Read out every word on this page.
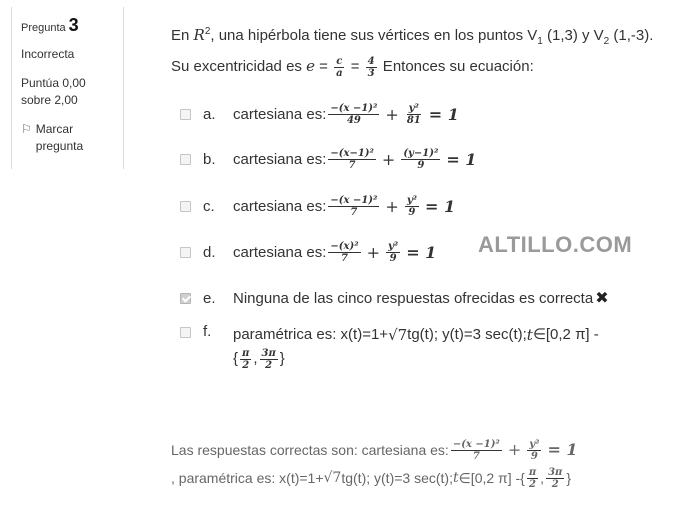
Pregunta 3
Incorrecta
Puntúa 0,00
sobre 2,00
⚐ Marcar
pregunta
En $R^2$, una hipérbola tiene sus vértices en los puntos $V_1$ (1,3) y $V_2$ (1,-3). Su excentricidad es $e = \frac{c}{a} = \frac{4}{3}$ Entonces su ecuación:
a.	cartesiana es: $\frac{\text{−(x −1)²}}{49} + \frac{\text{y²}}{81} = 1$
b.	cartesiana es: $\frac{\text{−(x−1)²}}{7} + \frac{\text{(y−1)²}}{9} = 1$
c.	cartesiana es: $\frac{\text{−(x −1)²}}{7} + \frac{\text{y²}}{9} = 1$
d.	cartesiana es: $\frac{\text{−(x)²}}{7} + \frac{\text{y²}}{9} = 1$ ALTILLO.COM
e.	Ninguna de las cinco respuestas ofrecidas es correcta ✖
f.	paramétrica es: x(t)=1+ √7 tg(t); y(t)=3 sec(t); t ∈[0,2 π] -
{ $\frac{\pi}{2}$ , $\frac{3\pi}{2}$ }
Las respuestas correctas son: cartesiana es: $\frac{\text{−(x −1)²}}{7} + \frac{\text{y²}}{9} = 1$
, paramétrica es: x(t)=1+ √7 tg(t); y(t)=3 sec(t); t ∈[0,2 π] - { $\frac{\pi}{2}$ , $\frac{3\pi}{2}$ }
